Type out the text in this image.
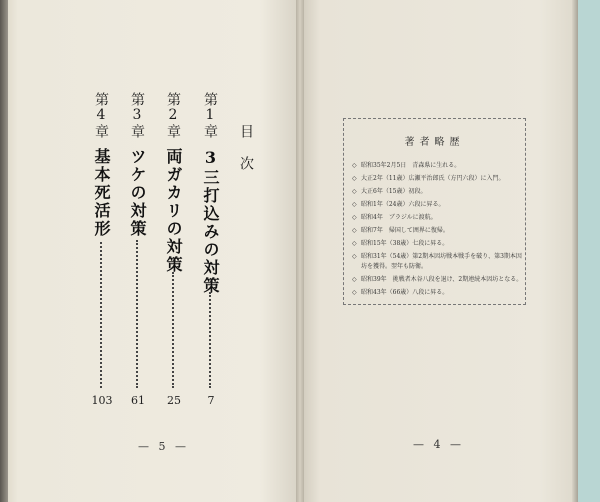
目次
第1章
3三打込みの対策
7
第2章
両ガカリの対策
25
第3章
ツケの対策
61
第4章
基本死活形
103
— 5 —	— 4 —
著者略歴
◇ 昭和35年2月5日　青森県に生れる。
◇ 大正2年（11歳）広瀬平治郎氏（方円六段）に入門。
◇ 大正6年（15歳）初段。
◇ 昭和1年（24歳）六段に昇る。
◇ 昭和4年　ブラジルに渡航。
◇ 昭和7年　帰国して囲界に復帰。
◇ 昭和15年（38歳）七段に昇る。
◇ 昭和31年（54歳）第2期本因坊戦本戦手を破り、第3期本因坊を獲得。翌年も防衛。
◇ 昭和39年　挑戦者木谷八段を退け、2期連続本因坊となる。
◇ 昭和43年（66歳）八段に昇る。
